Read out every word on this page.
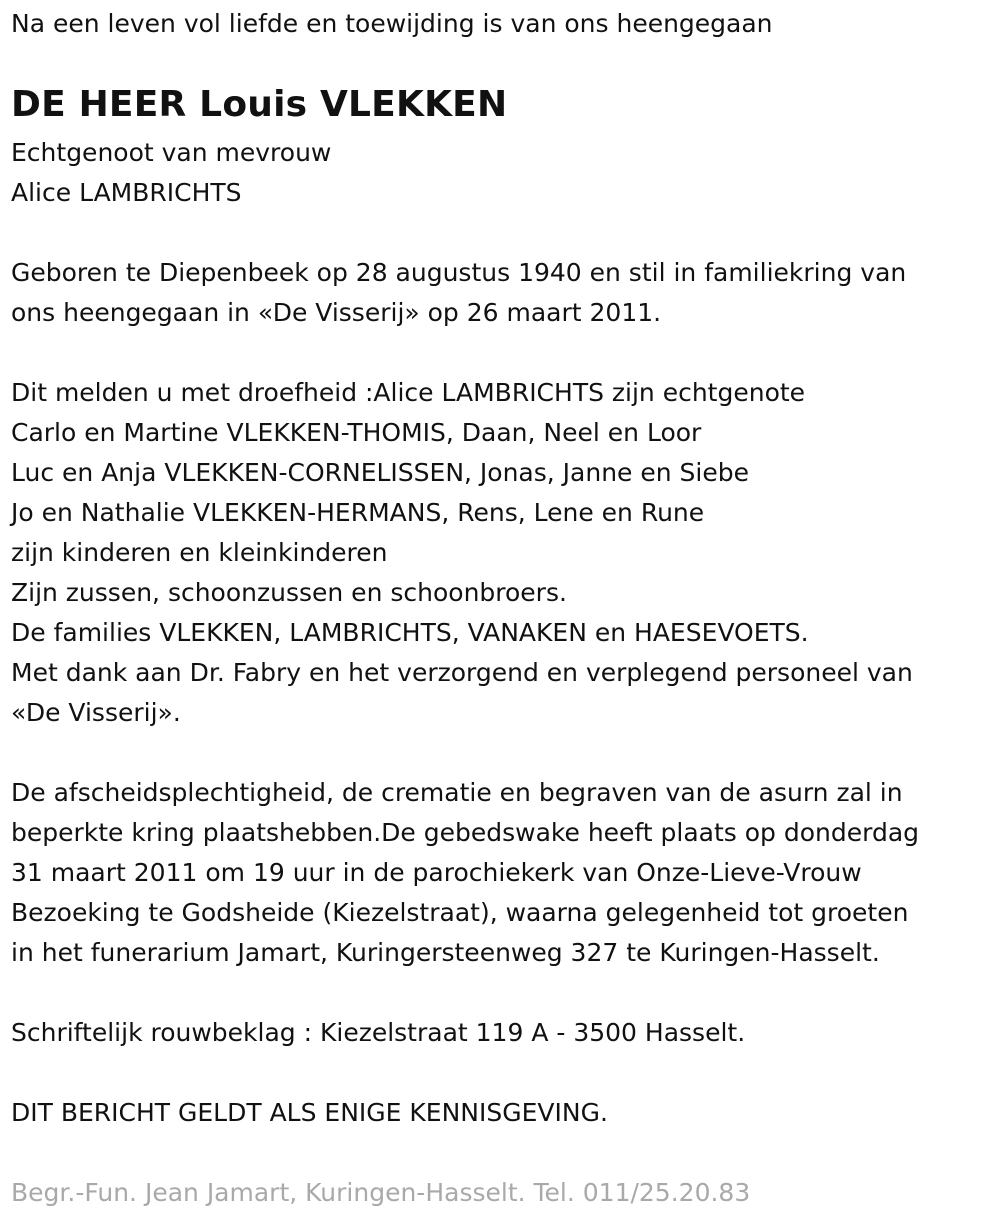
Na een leven vol liefde en toewijding is van ons heengegaan
DE HEER Louis VLEKKEN
Echtgenoot van mevrouw
Alice LAMBRICHTS
Geboren te Diepenbeek op 28 augustus 1940 en stil in familiekring van
ons heengegaan in «De Visserij» op 26 maart 2011.
Dit melden u met droefheid :Alice LAMBRICHTS zijn echtgenote
Carlo en Martine VLEKKEN-THOMIS, Daan, Neel en Loor
Luc en Anja VLEKKEN-CORNELISSEN, Jonas, Janne en Siebe
Jo en Nathalie VLEKKEN-HERMANS, Rens, Lene en Rune
zijn kinderen en kleinkinderen
Zijn zussen, schoonzussen en schoonbroers.
De families VLEKKEN, LAMBRICHTS, VANAKEN en HAESEVOETS.
Met dank aan Dr. Fabry en het verzorgend en verplegend personeel van
«De Visserij».
De afscheidsplechtigheid, de crematie en begraven van de asurn zal in
beperkte kring plaatshebben.De gebedswake heeft plaats op donderdag
31 maart 2011 om 19 uur in de parochiekerk van Onze-Lieve-Vrouw
Bezoeking te Godsheide (Kiezelstraat), waarna gelegenheid tot groeten
in het funerarium Jamart, Kuringersteenweg 327 te Kuringen-Hasselt.
Schriftelijk rouwbeklag : Kiezelstraat 119 A - 3500 Hasselt.
DIT BERICHT GELDT ALS ENIGE KENNISGEVING.
Begr.-Fun. Jean Jamart, Kuringen-Hasselt. Tel. 011/25.20.83
